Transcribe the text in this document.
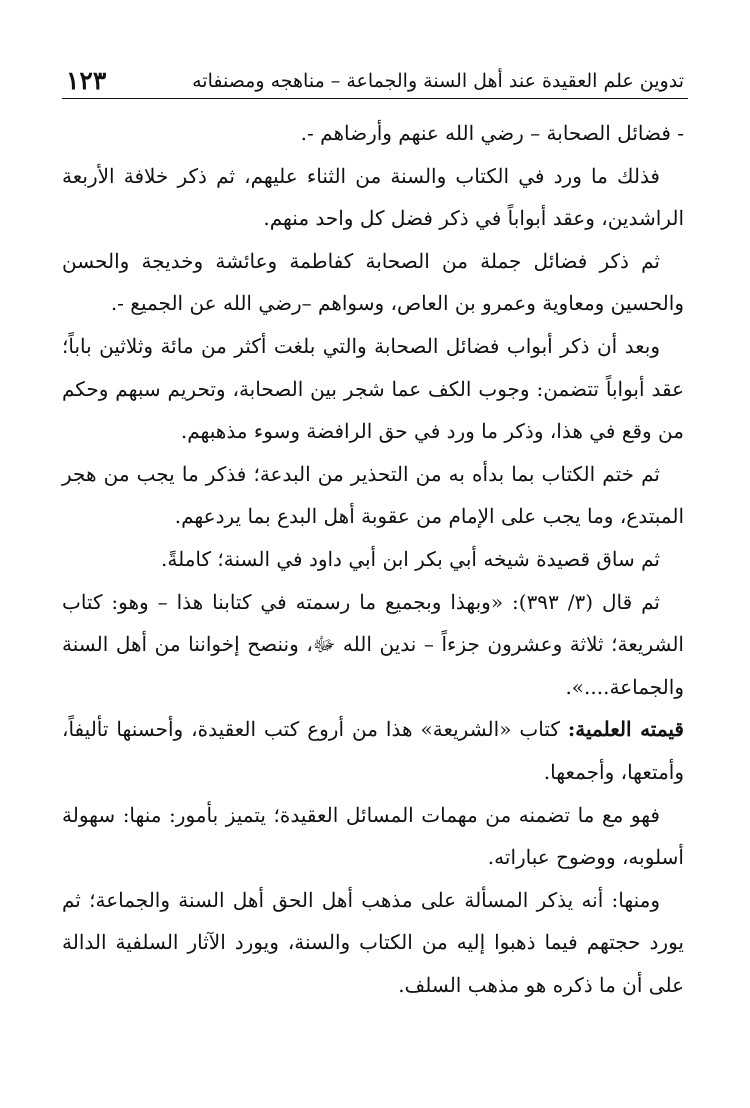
تدوين علم العقيدة عند أهل السنة والجماعة – مناهجه ومصنفاته
١٢٣

- فضائل الصحابة – رضي الله عنهم وأرضاهم -.

فذلك ما ورد في الكتاب والسنة من الثناء عليهم، ثم ذكر خلافة الأربعة الراشدين، وعقد أبواباً في ذكر فضل كل واحد منهم.

ثم ذكر فضائل جملة من الصحابة كفاطمة وعائشة وخديجة والحسن والحسين ومعاوية وعمرو بن العاص، وسواهم –رضي الله عن الجميع -.

وبعد أن ذكر أبواب فضائل الصحابة والتي بلغت أكثر من مائة وثلاثين باباً؛ عقد أبواباً تتضمن: وجوب الكف عما شجر بين الصحابة، وتحريم سبهم وحكم من وقع في هذا، وذكر ما ورد في حق الرافضة وسوء مذهبهم.

ثم ختم الكتاب بما بدأه به من التحذير من البدعة؛ فذكر ما يجب من هجر المبتدع، وما يجب على الإمام من عقوبة أهل البدع بما يردعهم.

ثم ساق قصيدة شيخه أبي بكر ابن أبي داود في السنة؛ كاملةً.

ثم قال (٣/ ٣٩٣): «وبهذا وبجميع ما رسمته في كتابنا هذا – وهو: كتاب الشريعة؛ ثلاثة وعشرون جزءاً – ندين الله ﷻ، وننصح إخواننا من أهل السنة والجماعة....».

قيمته العلمية: كتاب «الشريعة» هذا من أروع كتب العقيدة، وأحسنها تأليفاً، وأمتعها، وأجمعها.

فهو مع ما تضمنه من مهمات المسائل العقيدة؛ يتميز بأمور: منها: سهولة أسلوبه، ووضوح عباراته.

ومنها: أنه يذكر المسألة على مذهب أهل الحق أهل السنة والجماعة؛ ثم يورد حجتهم فيما ذهبوا إليه من الكتاب والسنة، ويورد الآثار السلفية الدالة على أن ما ذكره هو مذهب السلف.
